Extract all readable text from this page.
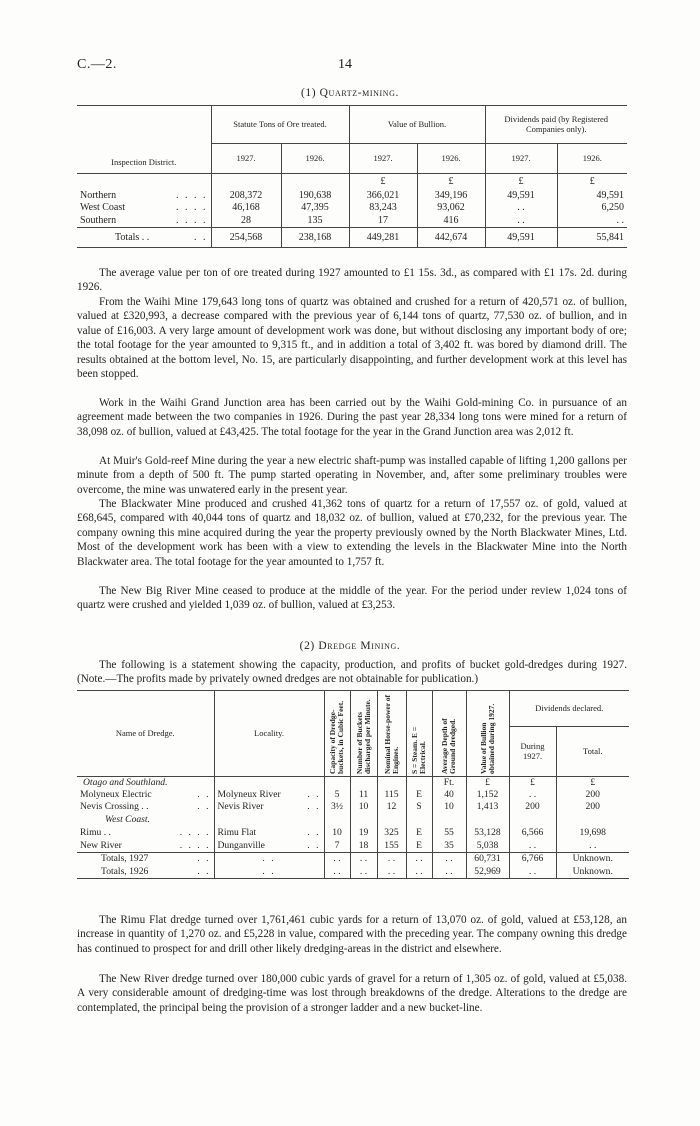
C.—2.	14
(1) Quartz-mining.
Inspection District.	Statute Tons of Ore treated.		Value of Bullion.		Dividends paid (by Registered Companies only).	
	1927.	1926.	1927.	1926.	1927.	1926.
			£	£	£	£
Northern . . . .	208,372	190,638	366,021	349,196	49,591	49,591
West Coast . . . .	46,168	47,395	83,243	93,062	. .	6,250
Southern . . . .	28	135	17	416	. .	. .
Totals . . . .	254,568	238,168	449,281	442,674	49,591	55,841

The average value per ton of ore treated during 1927 amounted to £1 15s. 3d., as compared with £1 17s. 2d. during 1926.

From the Waihi Mine 179,643 long tons of quartz was obtained and crushed for a return of 420,571 oz. of bullion, valued at £320,993, a decrease compared with the previous year of 6,144 tons of quartz, 77,530 oz. of bullion, and in value of £16,003. A very large amount of development work was done, but without disclosing any important body of ore; the total footage for the year amounted to 9,315 ft., and in addition a total of 3,402 ft. was bored by diamond drill. The results obtained at the bottom level, No. 15, are particularly disappointing, and further development work at this level has been stopped.

Work in the Waihi Grand Junction area has been carried out by the Waihi Gold-mining Co. in pursuance of an agreement made between the two companies in 1926. During the past year 28,334 long tons were mined for a return of 38,098 oz. of bullion, valued at £43,425. The total footage for the year in the Grand Junction area was 2,012 ft.

At Muir's Gold-reef Mine during the year a new electric shaft-pump was installed capable of lifting 1,200 gallons per minute from a depth of 500 ft. The pump started operating in November, and, after some preliminary troubles were overcome, the mine was unwatered early in the present year.

The Blackwater Mine produced and crushed 41,362 tons of quartz for a return of 17,557 oz. of gold, valued at £68,645, compared with 40,044 tons of quartz and 18,032 oz. of bullion, valued at £70,232, for the previous year. The company owning this mine acquired during the year the property previously owned by the North Blackwater Mines, Ltd. Most of the development work has been with a view to extending the levels in the Blackwater Mine into the North Blackwater area. The total footage for the year amounted to 1,757 ft.

The New Big River Mine ceased to produce at the middle of the year. For the period under review 1,024 tons of quartz were crushed and yielded 1,039 oz. of bullion, valued at £3,253.

(2) Dredge Mining.

The following is a statement showing the capacity, production, and profits of bucket gold-dredges during 1927. (Note.—The profits made by privately owned dredges are not obtainable for publication.)

Name of Dredge.	Locality.	Capacity of Dredge-buckets, in Cubic Feet.	Number of Buckets discharged per Minute.	Nominal Horse-power of Engines.	S = Steam. E = Electrical.	Average Depth of Ground dredged.	Value of Bullion obtained during 1927.	Dividends declared.	
								During 1927.	Total.
Otago and Southland.						Ft.	£	£	£
Molyneux Electric . .	Molyneux River . .	5	11	115	E	40	1,152	. .	200
Nevis Crossing . . . .	Nevis River . .	3½	10	12	S	10	1,413	200	200
West Coast.									
Rimu . . . . . .	Rimu Flat . .	10	19	325	E	55	53,128	6,566	19,698
New River . . . .	Dunganville . .	7	18	155	E	35	5,038	. .	. .
Totals, 1927 . .	. .	. .	. .	. .	. .	. .	60,731	6,766	Unknown.
Totals, 1926 . .	. .	. .	. .	. .	. .	. .	52,969	. .	Unknown.

The Rimu Flat dredge turned over 1,761,461 cubic yards for a return of 13,070 oz. of gold, valued at £53,128, an increase in quantity of 1,270 oz. and £5,228 in value, compared with the preceding year. The company owning this dredge has continued to prospect for and drill other likely dredging-areas in the district and elsewhere.

The New River dredge turned over 180,000 cubic yards of gravel for a return of 1,305 oz. of gold, valued at £5,038. A very considerable amount of dredging-time was lost through breakdowns of the dredge. Alterations to the dredge are contemplated, the principal being the provision of a stronger ladder and a new bucket-line.
